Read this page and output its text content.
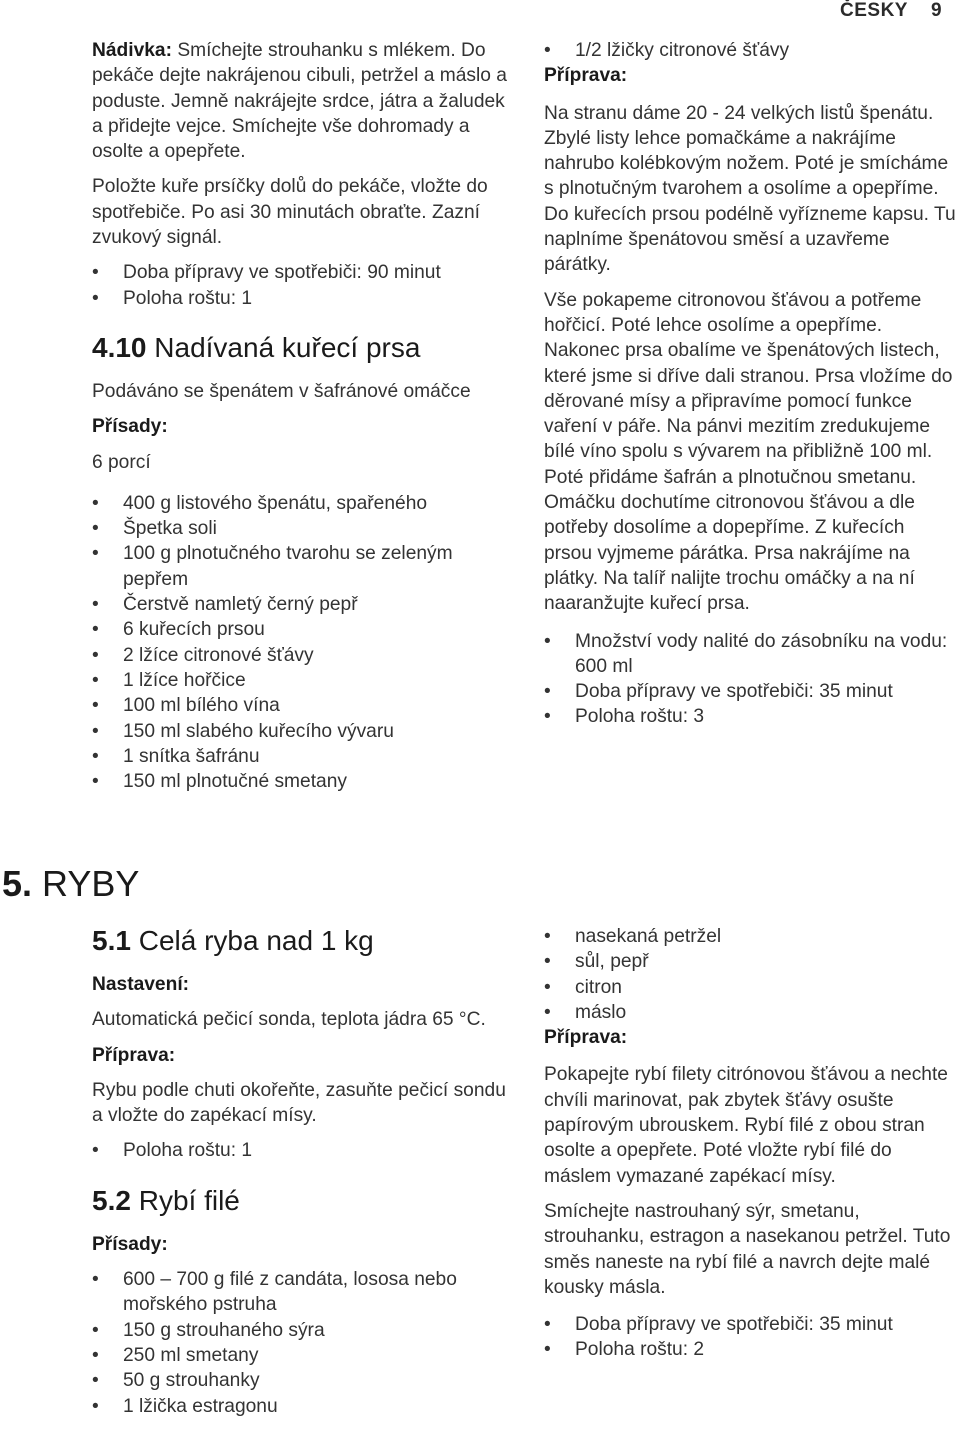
ČESKY 9

Nádivka: Smíchejte strouhanku s mlékem. Do pekáče dejte nakrájenou cibuli, petržel a máslo a poduste. Jemně nakrájejte srdce, játra a žaludek a přidejte vejce. Smíchejte vše dohromady a osolte a opepřete.

Položte kuře prsíčky dolů do pekáče, vložte do spotřebiče. Po asi 30 minutách obraťte. Zazní zvukový signál.

• Doba přípravy ve spotřebiči: 90 minut
• Poloha roštu: 1
4.10 Nadívaná kuřecí prsa

Podáváno se špenátem v šafránové omáčce

Přísady:

6 porcí

• 400 g listového špenátu, spařeného
• Špetka soli
• 100 g plnotučného tvarohu se zeleným pepřem
• Čerstvě namletý černý pepř
• 6 kuřecích prsou
• 2 lžíce citronové šťávy
• 1 lžíce hořčice
• 100 ml bílého vína
• 150 ml slabého kuřecího vývaru
• 1 snítka šafránu
• 150 ml plnotučné smetany
• 1/2 lžičky citronové šťávy
Příprava:

Na stranu dáme 20 - 24 velkých listů špenátu. Zbylé listy lehce pomačkáme a nakrájíme nahrubo kolébkovým nožem. Poté je smícháme s plnotučným tvarohem a osolíme a opepříme. Do kuřecích prsou podélně vyřízneme kapsu. Tu naplníme špenátovou směsí a uzavřeme párátky.

Vše pokapeme citronovou šťávou a potřeme hořčicí. Poté lehce osolíme a opepříme. Nakonec prsa obalíme ve špenátových listech, které jsme si dříve dali stranou. Prsa vložíme do děrované mísy a připravíme pomocí funkce vaření v páře. Na pánvi mezitím zredukujeme bílé víno spolu s vývarem na přibližně 100 ml. Poté přidáme šafrán a plnotučnou smetanu. Omáčku dochutíme citronovou šťávou a dle potřeby dosolíme a dopepříme. Z kuřecích prsou vyjmeme párátka. Prsa nakrájíme na plátky. Na talíř nalijte trochu omáčky a na ní naaranžujte kuřecí prsa.

• Množství vody nalité do zásobníku na vodu: 600 ml
• Doba přípravy ve spotřebiči: 35 minut
• Poloha roštu: 3
5. RYBY
5.1 Celá ryba nad 1 kg
Nastavení:

Automatická pečicí sonda, teplota jádra 65 °C.

Příprava:

Rybu podle chuti okořeňte, zasuňte pečicí sondu a vložte do zapékací mísy.

• Poloha roštu: 1
5.2 Rybí filé
Přísady:
• 600 – 700 g filé z candáta, lososa nebo mořského pstruha
• 150 g strouhaného sýra
• 250 ml smetany
• 50 g strouhanky
• 1 lžička estragonu
• nasekaná petržel
• sůl, pepř
• citron
• máslo
Příprava:

Pokapejte rybí filety citrónovou šťávou a nechte chvíli marinovat, pak zbytek šťávy osušte papírovým ubrouskem. Rybí filé z obou stran osolte a opepřete. Poté vložte rybí filé do máslem vymazané zapékací mísy.

Smíchejte nastrouhaný sýr, smetanu, strouhanku, estragon a nasekanou petržel. Tuto směs naneste na rybí filé a navrch dejte malé kousky másla.

• Doba přípravy ve spotřebiči: 35 minut
• Poloha roštu: 2
